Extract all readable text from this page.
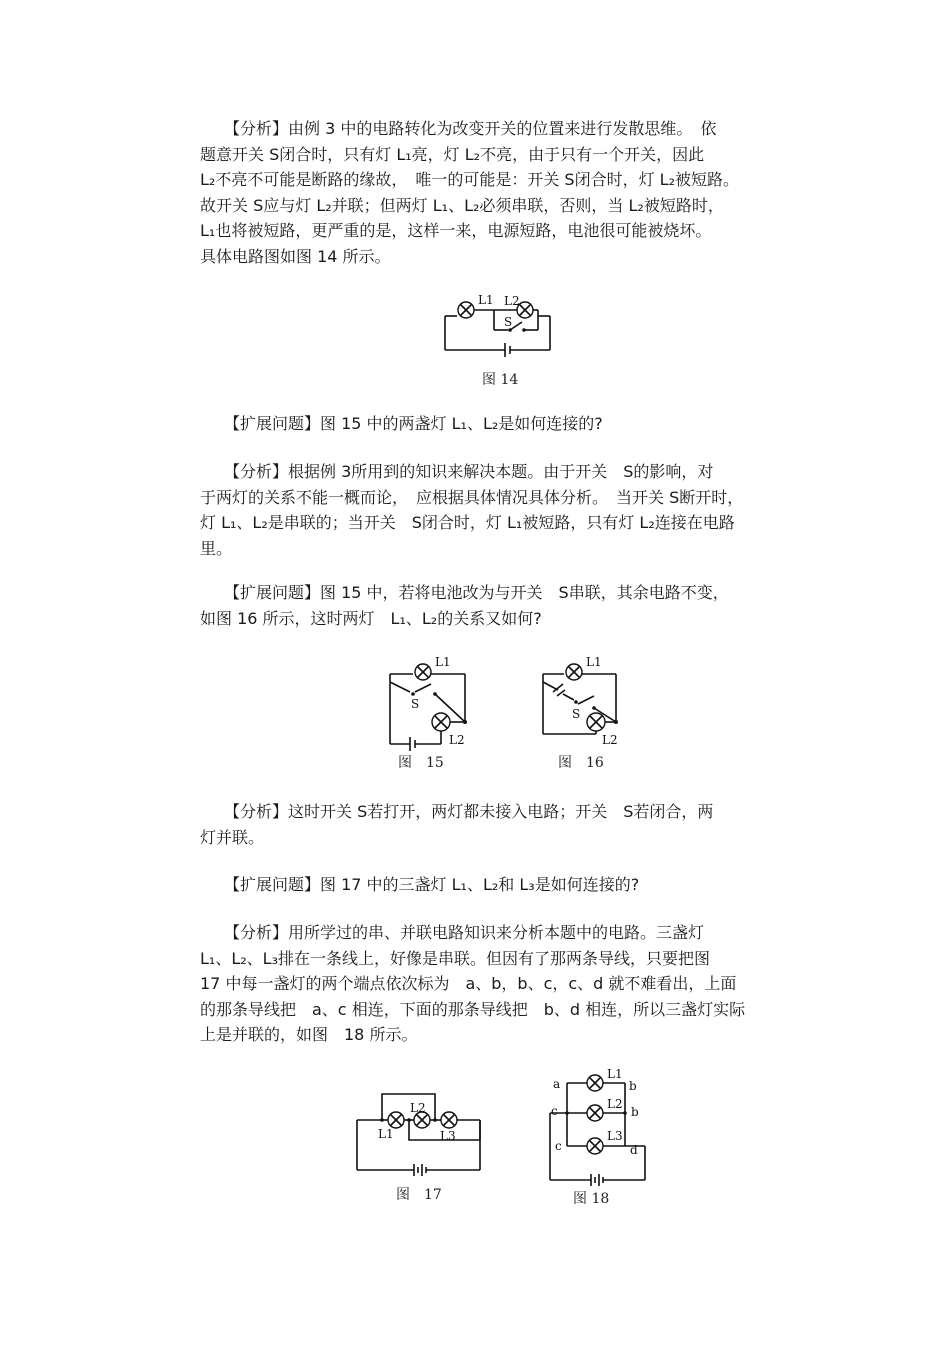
　　【分析】由例 3 中的电路转化为改变开关的位置来进行发散思维。　依

题意开关 S闭合时，只有灯 L₁亮，灯 L₂不亮，由于只有一个开关，因此

L₂不亮不可能是断路的缘故，　唯一的可能是：开关 S闭合时，灯 L₂被短路。

故开关 S应与灯 L₂并联；但两灯 L₁、L₂必须串联，否则，当 L₂被短路时，

L₁也将被短路，更严重的是，这样一来，电源短路，电池很可能被烧坏。

具体电路图如图 14 所示。

L1 L2
S
图 14

　　【扩展问题】图 15 中的两盏灯 L₁、L₂是如何连接的?

　　【分析】根据例 3所用到的知识来解决本题。由于开关　S的影响，对

于两灯的关系不能一概而论，　应根据具体情况具体分析。　当开关 S断开时，

灯 L₁、L₂是串联的；当开关　S闭合时，灯 L₁被短路，只有灯 L₂连接在电路

里。

　　【扩展问题】图 15 中，若将电池改为与开关　S串联，其余电路不变，

如图 16 所示，这时两灯　L₁、L₂的关系又如何?

L1
L2
S
图　15
L1
L2
S
图　16

　　【分析】这时开关 S若打开，两灯都未接入电路；开关　S若闭合，两

灯并联。

　　【扩展问题】图 17 中的三盏灯 L₁、L₂和 L₃是如何连接的?

　　【分析】用所学过的串、并联电路知识来分析本题中的电路。三盏灯

L₁、L₂、L₃排在一条线上，好像是串联。但因有了那两条导线，只要把图

17 中每一盏灯的两个端点依次标为　a、b，b、c，c、d 就不难看出，上面

的那条导线把　a、c 相连，下面的那条导线把　b、d 相连，所以三盏灯实际

上是并联的，如图　18 所示。

L1
L2
L3
图　17
a
c
c
b
b
d
L1
L2
L3
图 18
